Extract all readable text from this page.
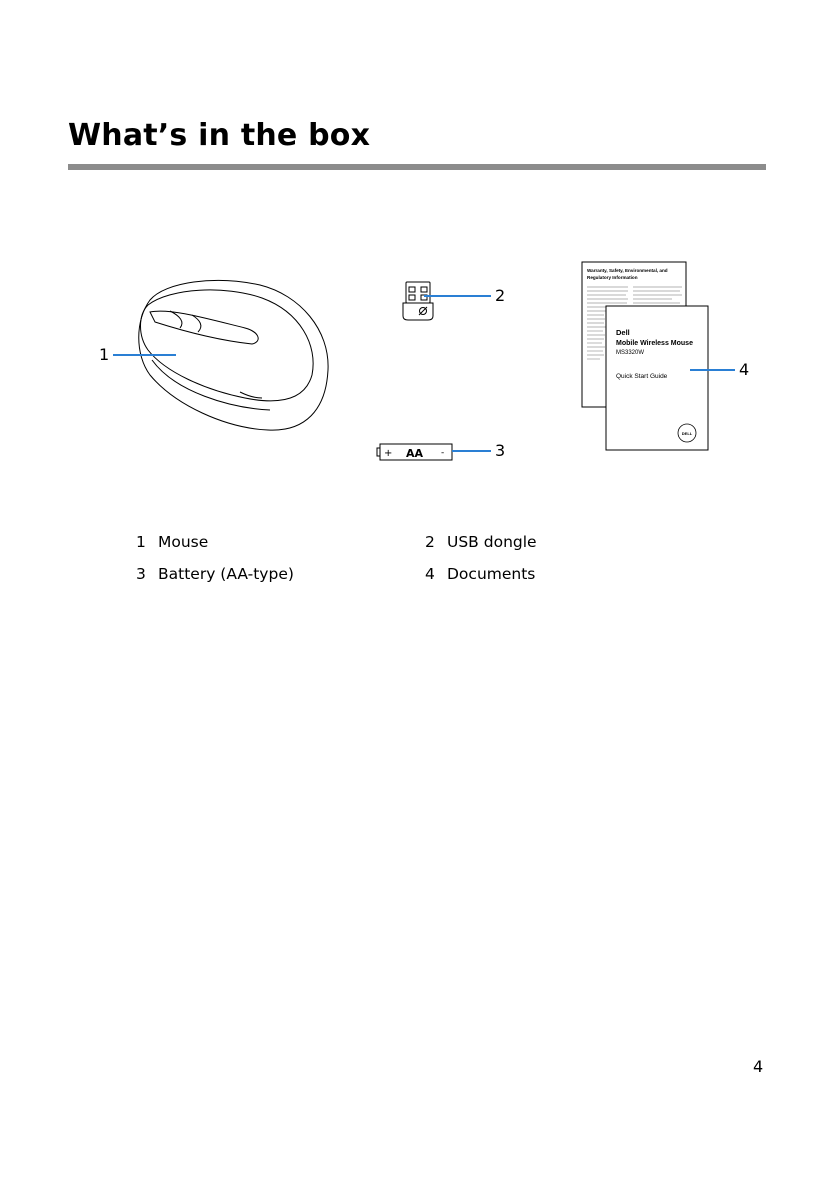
What’s in the box
+ AA -
Warranty, Safety, Environmental, and
Regulatory Information
Dell
Mobile Wireless Mouse
MS3320W
Quick Start Guide
DELL
1
2
3
4
1 Mouse	2 USB dongle
3 Battery (AA-type)	4 Documents
4
